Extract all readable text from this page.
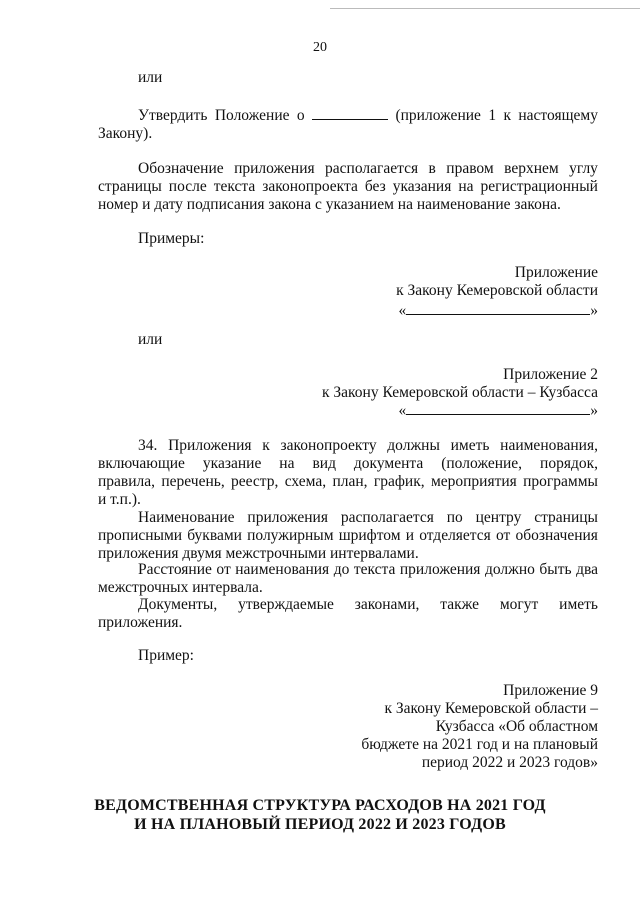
20
или
Утвердить Положение о	(приложение 1 к настоящему
Закону).
Обозначение приложения располагается в правом верхнем углу
страницы после текста законопроекта без указания на регистрационный
номер и дату подписания закона с указанием на наименование закона.
Примеры:
Приложение
к Закону Кемеровской области
«	»
или
Приложение 2
к Закону Кемеровской области – Кузбасса
«	»
34. Приложения к законопроекту должны иметь наименования,
включающие указание на вид документа (положение, порядок,
правила, перечень, реестр, схема, план, график, мероприятия программы
и т.п.).
Наименование приложения располагается по центру страницы
прописными буквами полужирным шрифтом и отделяется от обозначения
приложения двумя межстрочными интервалами.
Расстояние от наименования до текста приложения должно быть два
межстрочных интервала.
Документы, утверждаемые законами, также могут иметь
приложения.
Пример:
Приложение 9
к Закону Кемеровской области –
Кузбасса «Об областном
бюджете на 2021 год и на плановый
период 2022 и 2023 годов»
ВЕДОМСТВЕННАЯ СТРУКТУРА РАСХОДОВ НА 2021 ГОД
И НА ПЛАНОВЫЙ ПЕРИОД 2022 И 2023 ГОДОВ
